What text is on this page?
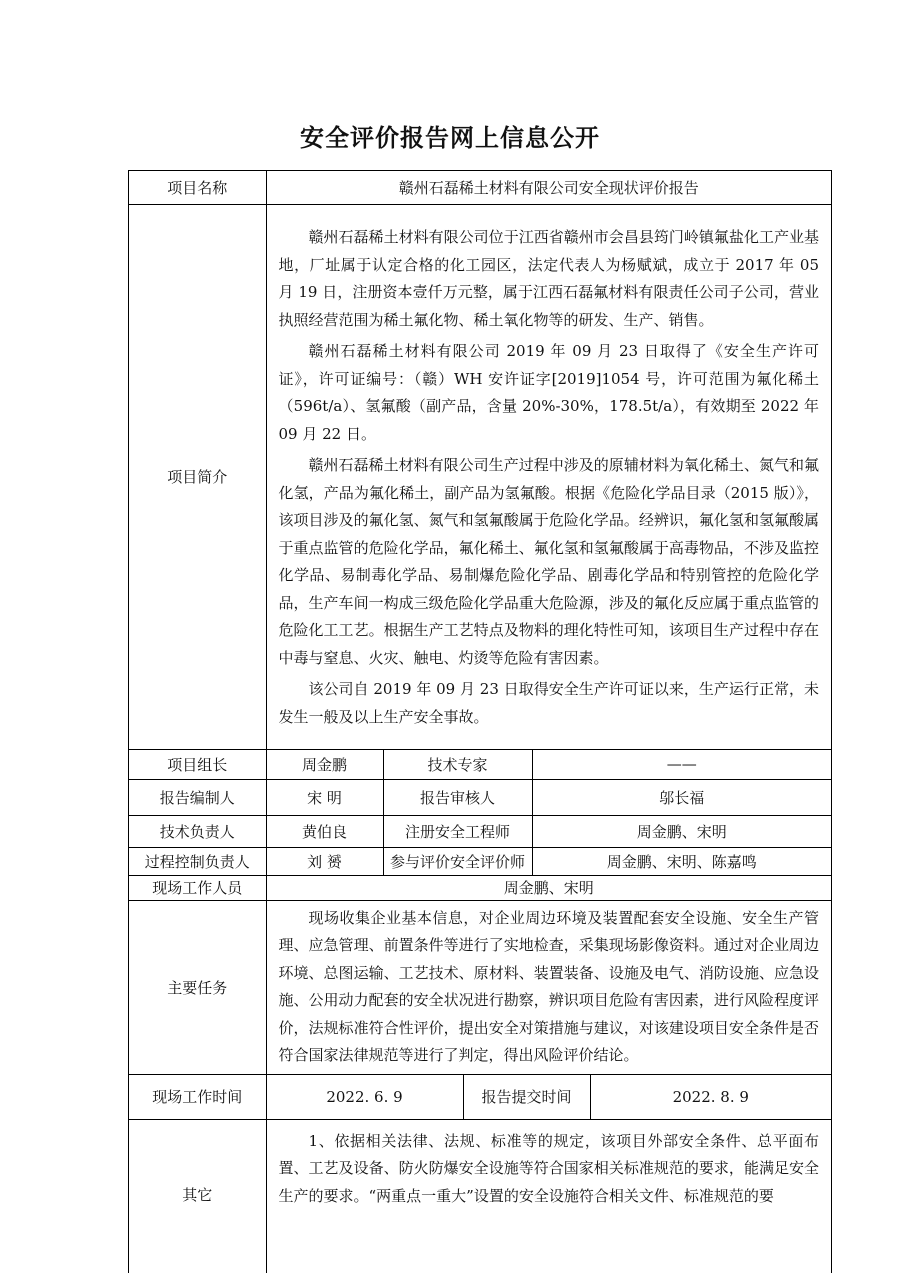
安全评价报告网上信息公开
项目名称	赣州石磊稀土材料有限公司安全现状评价报告			
项目简介	赣州石磊稀土材料有限公司位于江西省赣州市会昌县筠门岭镇氟盐化工产业基地，厂址属于认定合格的化工园区，法定代表人为杨赋斌，成立于 2017 年 05 月 19 日，注册资本壹仟万元整，属于江西石磊氟材料有限责任公司子公司，营业执照经营范围为稀土氟化物、稀土氧化物等的研发、生产、销售。

赣州石磊稀土材料有限公司 2019 年 09 月 23 日取得了《安全生产许可证》，许可证编号：（赣）WH 安许证字[2019]1054 号，许可范围为氟化稀土（596t/a）、氢氟酸（副产品，含量 20%-30%，178.5t/a），有效期至 2022 年 09 月 22 日。

赣州石磊稀土材料有限公司生产过程中涉及的原辅材料为氧化稀土、氮气和氟化氢，产品为氟化稀土，副产品为氢氟酸。根据《危险化学品目录（2015 版）》，该项目涉及的氟化氢、氮气和氢氟酸属于危险化学品。经辨识，氟化氢和氢氟酸属于重点监管的危险化学品，氟化稀土、氟化氢和氢氟酸属于高毒物品，不涉及监控化学品、易制毒化学品、易制爆危险化学品、剧毒化学品和特别管控的危险化学品，生产车间一构成三级危险化学品重大危险源，涉及的氟化反应属于重点监管的危险化工工艺。根据生产工艺特点及物料的理化特性可知，该项目生产过程中存在中毒与窒息、火灾、触电、灼烫等危险有害因素。

该公司自 2019 年 09 月 23 日取得安全生产许可证以来，生产运行正常，未发生一般及以上生产安全事故。			

项目组长	周金鹏	技术专家		——
报告编制人	宋 明	报告审核人		邬长福
技术负责人	黄伯良	注册安全工程师		周金鹏、宋明
过程控制负责人	刘 赟	参与评价安全评价师		周金鹏、宋明、陈嘉鸣
现场工作人员	周金鹏、宋明			
主要任务	现场收集企业基本信息，对企业周边环境及装置配套安全设施、安全生产管理、应急管理、前置条件等进行了实地检查，采集现场影像资料。通过对企业周边环境、总图运输、工艺技术、原材料、装置装备、设施及电气、消防设施、应急设施、公用动力配套的安全状况进行勘察，辨识项目危险有害因素，进行风险程度评价，法规标准符合性评价，提出安全对策措施与建议，对该建设项目安全条件是否符合国家法律规范等进行了判定，得出风险评价结论。			

现场工作时间	2022. 6. 9		报告提交时间 2022. 8. 9	

其它	1、依据相关法律、法规、标准等的规定，该项目外部安全条件、总平面布置、工艺及设备、防火防爆安全设施等符合国家相关标准规范的要求，能满足安全生产的要求。“两重点一重大”设置的安全设施符合相关文件、标准规范的要			
